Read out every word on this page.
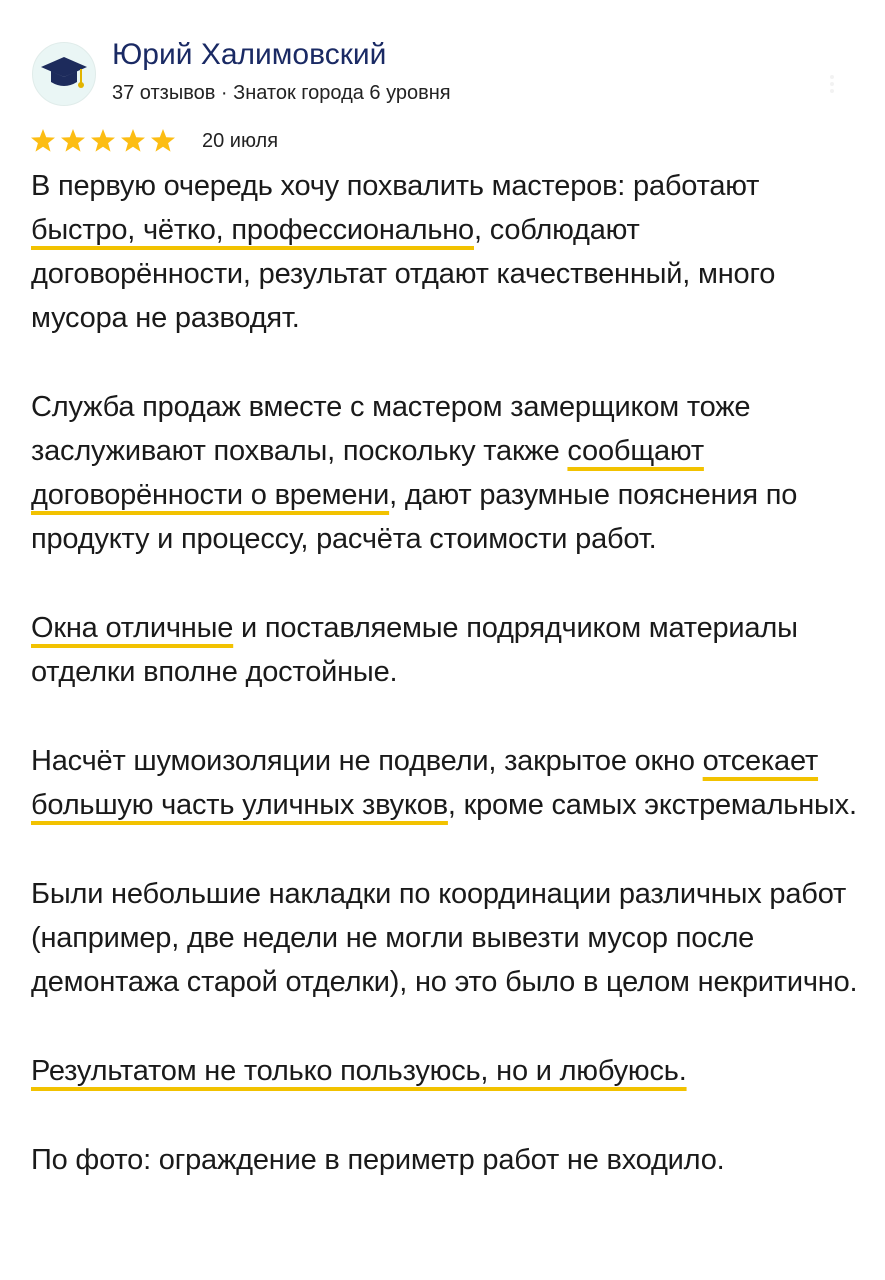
Юрий Халимовский
37 отзывов · Знаток города 6 уровня
20 июля

В первую очередь хочу похвалить мастеров: работают быстро, чётко, профессионально, соблюдают договорённости, результат отдают качественный, много мусора не разводят.

Служба продаж вместе с мастером замерщиком тоже заслуживают похвалы, поскольку также сообщают договорённости о времени, дают разумные пояснения по продукту и процессу, расчёта стоимости работ.

Окна отличные и поставляемые подрядчиком материалы отделки вполне достойные.

Насчёт шумоизоляции не подвели, закрытое окно отсекает большую часть уличных звуков, кроме самых экстремальных.

Были небольшие накладки по координации различных работ (например, две недели не могли вывезти мусор после демонтажа старой отделки), но это было в целом некритично.

Результатом не только пользуюсь, но и любуюсь.

По фото: ограждение в периметр работ не входило.
